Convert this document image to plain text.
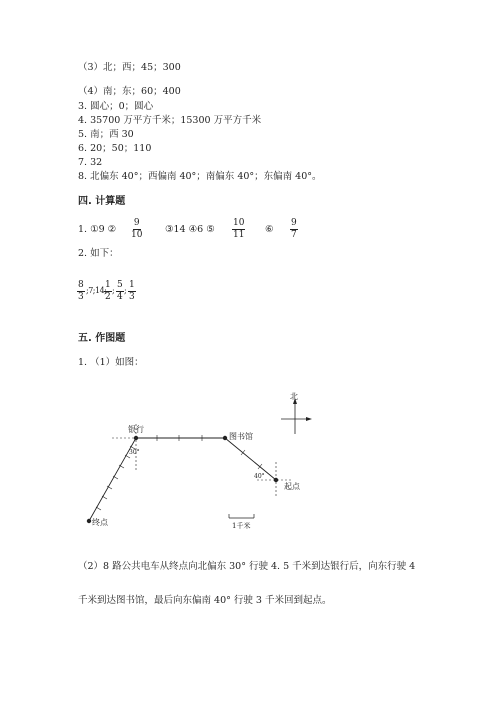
（3）北；西；45；300
（4）南；东；60；400
3. 圆心；0；圆心
4. 35700 万平方千米；15300 万平方千米
5. 南；西 30
6. 20；50；110
7. 32
8. 北偏东 40°；西偏南 40°；南偏东 40°；东偏南 40°。
四. 计算题
1. ①9 ② $\frac{9}{10}$ ③14 ④6 ⑤ $\frac{10}{11}$ ⑥ $\frac{9}{7}$
2. 如下：
$\frac{8}{3}$ ;7;14;
$\frac{1}{2}$ ; $\frac{5}{4}$ ; $\frac{1}{3}$
五. 作图题
1. （1）如图：
北
银行
图书馆
起点
终点
30°
40°
1千米
（2）8 路公共电车从终点向北偏东 30° 行驶 4. 5 千米到达银行后，向东行驶 4
千米到达图书馆，最后向东偏南 40° 行驶 3 千米回到起点。
